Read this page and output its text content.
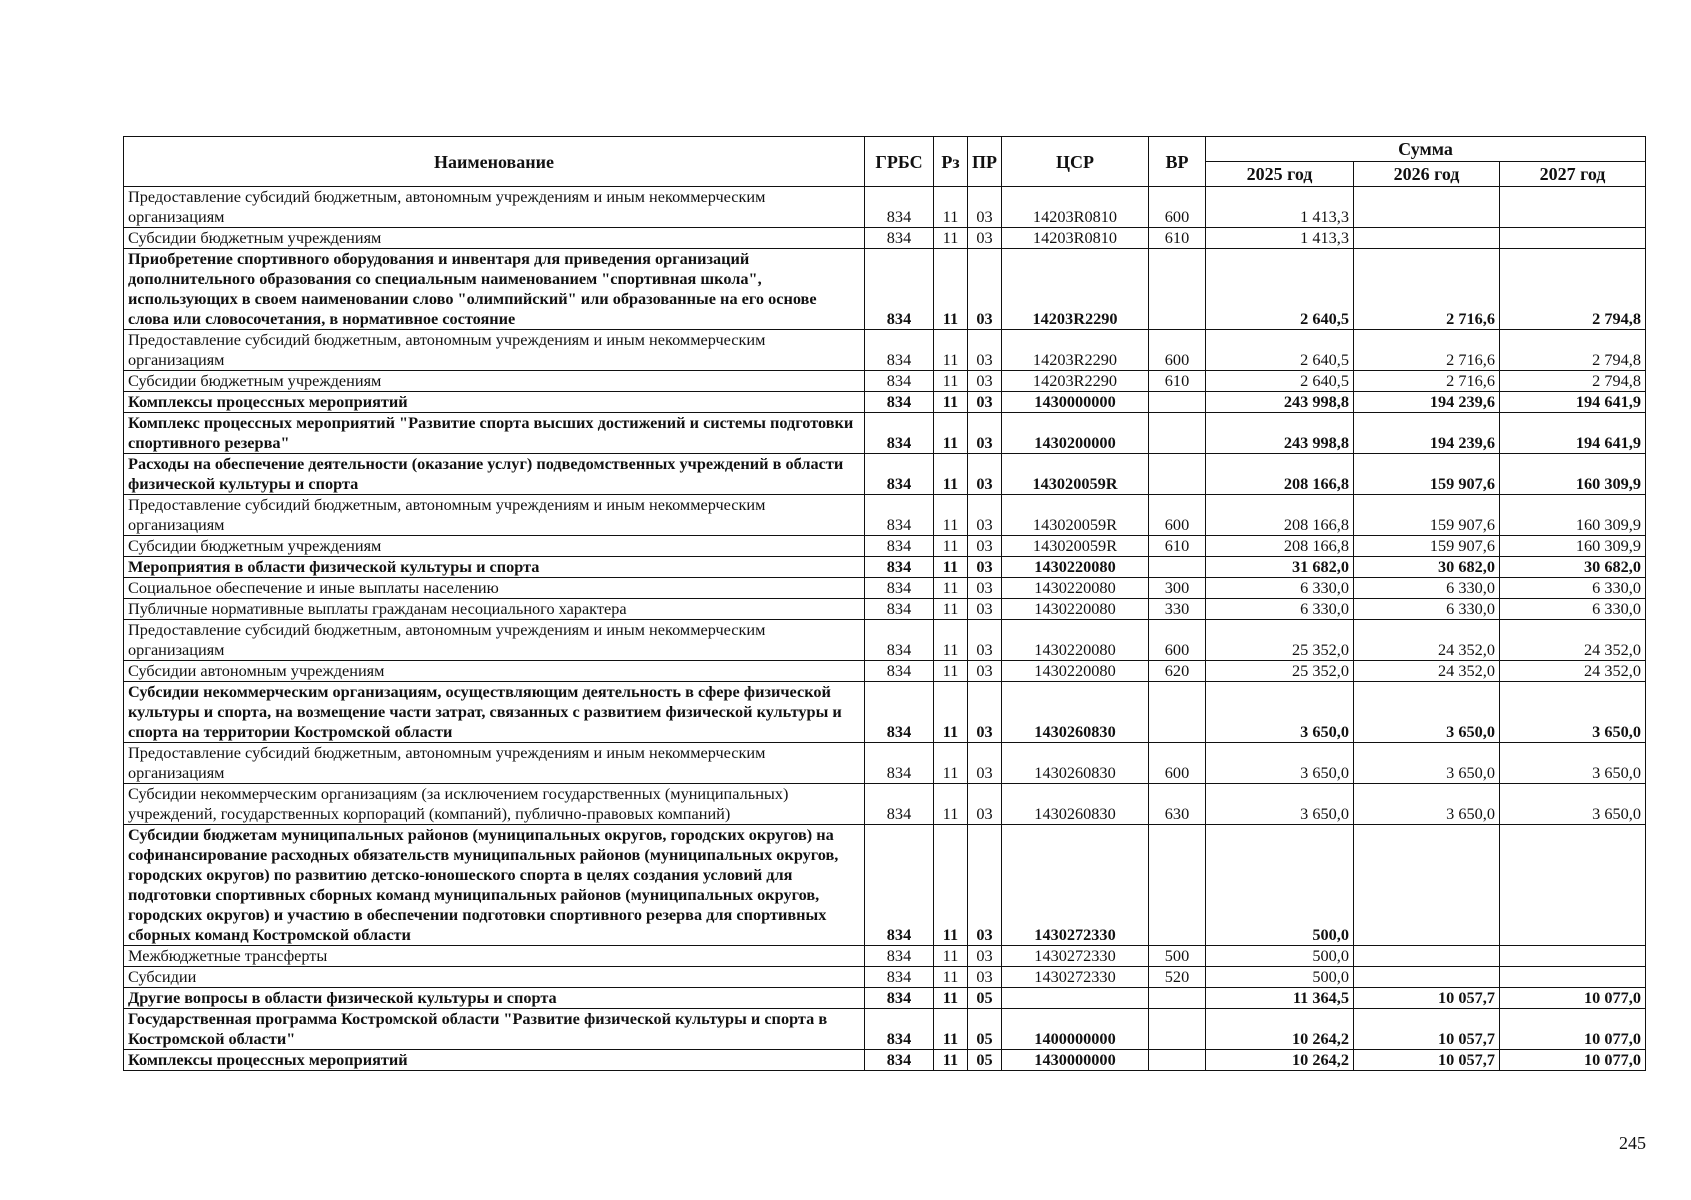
Наименование	ГРБС	Рз	ПР	ЦСР	ВР	Сумма		
						2025 год	2026 год	2027 год
Предоставление субсидий бюджетным, автономным учреждениям и иным некоммерческим организациям	834	11	03	14203R0810	600	1 413,3		
Субсидии бюджетным учреждениям	834	11	03	14203R0810	610	1 413,3		
Приобретение спортивного оборудования и инвентаря для приведения организаций дополнительного образования со специальным наименованием "спортивная школа", использующих в своем наименовании слово "олимпийский" или образованные на его основе слова или словосочетания, в нормативное состояние	834	11	03	14203R2290		2 640,5	2 716,6	2 794,8
Предоставление субсидий бюджетным, автономным учреждениям и иным некоммерческим организациям	834	11	03	14203R2290	600	2 640,5	2 716,6	2 794,8
Субсидии бюджетным учреждениям	834	11	03	14203R2290	610	2 640,5	2 716,6	2 794,8
Комплексы процессных мероприятий	834	11	03	1430000000		243 998,8	194 239,6	194 641,9
Комплекс процессных мероприятий "Развитие спорта высших достижений и системы подготовки спортивного резерва"	834	11	03	1430200000		243 998,8	194 239,6	194 641,9
Расходы на обеспечение деятельности (оказание услуг) подведомственных учреждений в области физической культуры и спорта	834	11	03	143020059R		208 166,8	159 907,6	160 309,9
Предоставление субсидий бюджетным, автономным учреждениям и иным некоммерческим организациям	834	11	03	143020059R	600	208 166,8	159 907,6	160 309,9
Субсидии бюджетным учреждениям	834	11	03	143020059R	610	208 166,8	159 907,6	160 309,9
Мероприятия в области физической культуры и спорта	834	11	03	1430220080		31 682,0	30 682,0	30 682,0
Социальное обеспечение и иные выплаты населению	834	11	03	1430220080	300	6 330,0	6 330,0	6 330,0
Публичные нормативные выплаты гражданам несоциального характера	834	11	03	1430220080	330	6 330,0	6 330,0	6 330,0
Предоставление субсидий бюджетным, автономным учреждениям и иным некоммерческим организациям	834	11	03	1430220080	600	25 352,0	24 352,0	24 352,0
Субсидии автономным учреждениям	834	11	03	1430220080	620	25 352,0	24 352,0	24 352,0
Субсидии некоммерческим организациям, осуществляющим деятельность в сфере физической культуры и спорта, на возмещение части затрат, связанных с развитием физической культуры и спорта на территории Костромской области	834	11	03	1430260830		3 650,0	3 650,0	3 650,0
Предоставление субсидий бюджетным, автономным учреждениям и иным некоммерческим организациям	834	11	03	1430260830	600	3 650,0	3 650,0	3 650,0
Субсидии некоммерческим организациям (за исключением государственных (муниципальных) учреждений, государственных корпораций (компаний), публично-правовых компаний)	834	11	03	1430260830	630	3 650,0	3 650,0	3 650,0
Субсидии бюджетам муниципальных районов (муниципальных округов, городских округов) на софинансирование расходных обязательств муниципальных районов (муниципальных округов, городских округов) по развитию детско-юношеского спорта в целях создания условий для подготовки спортивных сборных команд муниципальных районов (муниципальных округов, городских округов) и участию в обеспечении подготовки спортивного резерва для спортивных сборных команд Костромской области	834	11	03	1430272330		500,0		
Межбюджетные трансферты	834	11	03	1430272330	500	500,0		
Субсидии	834	11	03	1430272330	520	500,0		
Другие вопросы в области физической культуры и спорта	834	11	05			11 364,5	10 057,7	10 077,0
Государственная программа Костромской области "Развитие физической культуры и спорта в Костромской области"	834	11	05	1400000000		10 264,2	10 057,7	10 077,0
Комплексы процессных мероприятий	834	11	05	1430000000		10 264,2	10 057,7	10 077,0
245
